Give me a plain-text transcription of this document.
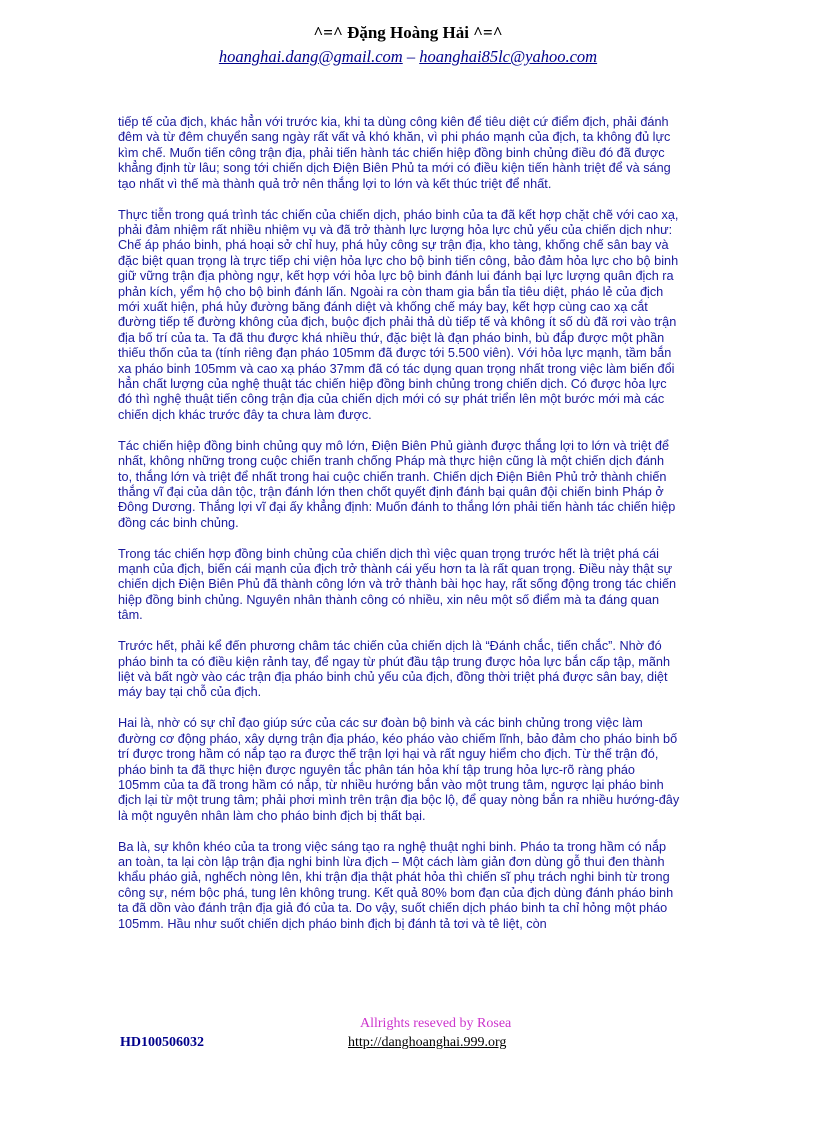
^=^ Đặng Hoàng Hải ^=^
hoanghai.dang@gmail.com – hoanghai85lc@yahoo.com

tiếp tế của địch, khác hẳn với trước kia, khi ta dùng công kiên để tiêu diệt cứ điểm địch, phải đánh đêm và từ đêm chuyển sang ngày rất vất vả khó khăn, vì phi pháo mạnh của địch, ta không đủ lực kìm chế. Muốn tiến công trận địa, phải tiến hành tác chiến hiệp đồng binh chủng điều đó đã được khẳng định từ lâu; song tới chiến dịch Điện Biên Phủ ta mới có điều kiện tiến hành triệt để và sáng tạo nhất vì thế mà thành quả trở nên thắng lợi to lớn và kết thúc triệt để nhất.

Thực tiễn trong quá trình tác chiến của chiến dịch, pháo binh của ta đã kết hợp chặt chẽ với cao xạ, phải đảm nhiệm rất nhiều nhiệm vụ và đã trở thành lực lượng hỏa lực chủ yếu của chiến dịch như: Chế áp pháo binh, phá hoại sở chỉ huy, phá hủy công sự trận địa, kho tàng, khống chế sân bay và đặc biệt quan trọng là trực tiếp chi viện hỏa lực cho bộ binh tiến công, bảo đảm hỏa lực cho bộ binh giữ vững trận địa phòng ngự, kết hợp với hỏa lực bộ binh đánh lui đánh bại lực lượng quân địch ra phản kích, yểm hộ cho bộ binh đánh lấn. Ngoài ra còn tham gia bắn tỉa tiêu diệt, pháo lẻ của địch mới xuất hiện, phá hủy đường băng đánh diệt và khống chế máy bay, kết hợp cùng cao xạ cắt đường tiếp tế đường không của địch, buộc địch phải thả dù tiếp tế và không ít số dù đã rơi vào trận địa bố trí của ta. Ta đã thu được khá nhiều thứ, đặc biệt là đạn pháo binh, bù đắp được một phần thiếu thốn của ta (tính riêng đạn pháo 105mm đã được tới 5.500 viên). Với hỏa lực mạnh, tầm bắn xa pháo binh 105mm và cao xạ pháo 37mm đã có tác dụng quan trọng nhất trong việc làm biến đổi hẳn chất lượng của nghệ thuật tác chiến hiệp đồng binh chủng trong chiến dịch. Có được hỏa lực đó thì nghệ thuật tiến công trận địa của chiến dịch mới có sự phát triển lên một bước mới mà các chiến dịch khác trước đây ta chưa làm được.

Tác chiến hiệp đồng binh chủng quy mô lớn, Điện Biên Phủ giành được thắng lợi to lớn và triệt để nhất, không những trong cuộc chiến tranh chống Pháp mà thực hiện cũng là một chiến dịch đánh to, thắng lớn và triệt để nhất trong hai cuộc chiến tranh. Chiến dịch Điện Biên Phủ trở thành chiến thắng vĩ đại của dân tộc, trận đánh lớn then chốt quyết định đánh bại quân đội chiến binh Pháp ở Đông Dương. Thắng lợi vĩ đại ấy khẳng định: Muốn đánh to thắng lớn phải tiến hành tác chiến hiệp đồng các binh chủng.

Trong tác chiến hợp đồng binh chủng của chiến dịch thì việc quan trọng trước hết là triệt phá cái mạnh của địch, biến cái mạnh của địch trở thành cái yếu hơn ta là rất quan trọng. Điều này thật sự chiến dịch Điện Biên Phủ đã thành công lớn và trở thành bài học hay, rất sống động trong tác chiến hiệp đồng binh chủng. Nguyên nhân thành công có nhiều, xin nêu một số điểm mà ta đáng quan tâm.

Trước hết, phải kể đến phương châm tác chiến của chiến dịch là “Đánh chắc, tiến chắc”. Nhờ đó pháo binh ta có điều kiện rảnh tay, để ngay từ phút đầu tập trung được hỏa lực bắn cấp tập, mãnh liệt và bất ngờ vào các trận địa pháo binh chủ yếu của địch, đồng thời triệt phá được sân bay, diệt máy bay tại chỗ của địch.

Hai là, nhờ có sự chỉ đạo giúp sức của các sư đoàn bộ binh và các binh chủng trong việc làm đường cơ động pháo, xây dựng trận địa pháo, kéo pháo vào chiếm lĩnh, bảo đảm cho pháo binh bố trí được trong hầm có nắp tạo ra được thế trận lợi hại và rất nguy hiểm cho địch. Từ thế trận đó, pháo binh ta đã thực hiện được nguyên tắc phân tán hỏa khí tập trung hỏa lực-rõ ràng pháo 105mm của ta đã trong hầm có nắp, từ nhiều hướng bắn vào một trung tâm, ngược lại pháo binh địch lại từ một trung tâm; phải phơi mình trên trận địa bộc lộ, để quay nòng bắn ra nhiều hướng-đây là một nguyên nhân làm cho pháo binh địch bị thất bại.

Ba là, sự khôn khéo của ta trong việc sáng tạo ra nghệ thuật nghi binh. Pháo ta trong hầm có nắp an toàn, ta lại còn lập trận địa nghi binh lừa địch – Một cách làm giản đơn dùng gỗ thui đen thành khẩu pháo giả, nghếch nòng lên, khi trận địa thật phát hỏa thì chiến sĩ phụ trách nghi binh từ trong công sự, ném bộc phá, tung lên không trung. Kết quả 80% bom đạn của địch dùng đánh pháo binh ta đã dồn vào đánh trận địa giả đó của ta. Do vậy, suốt chiến dịch pháo binh ta chỉ hỏng một pháo 105mm. Hầu như suốt chiến dịch pháo binh địch bị đánh tả tơi và tê liệt, còn

Allrights reseved by Rosea
HD100506032	http://danghoanghai.999.org
